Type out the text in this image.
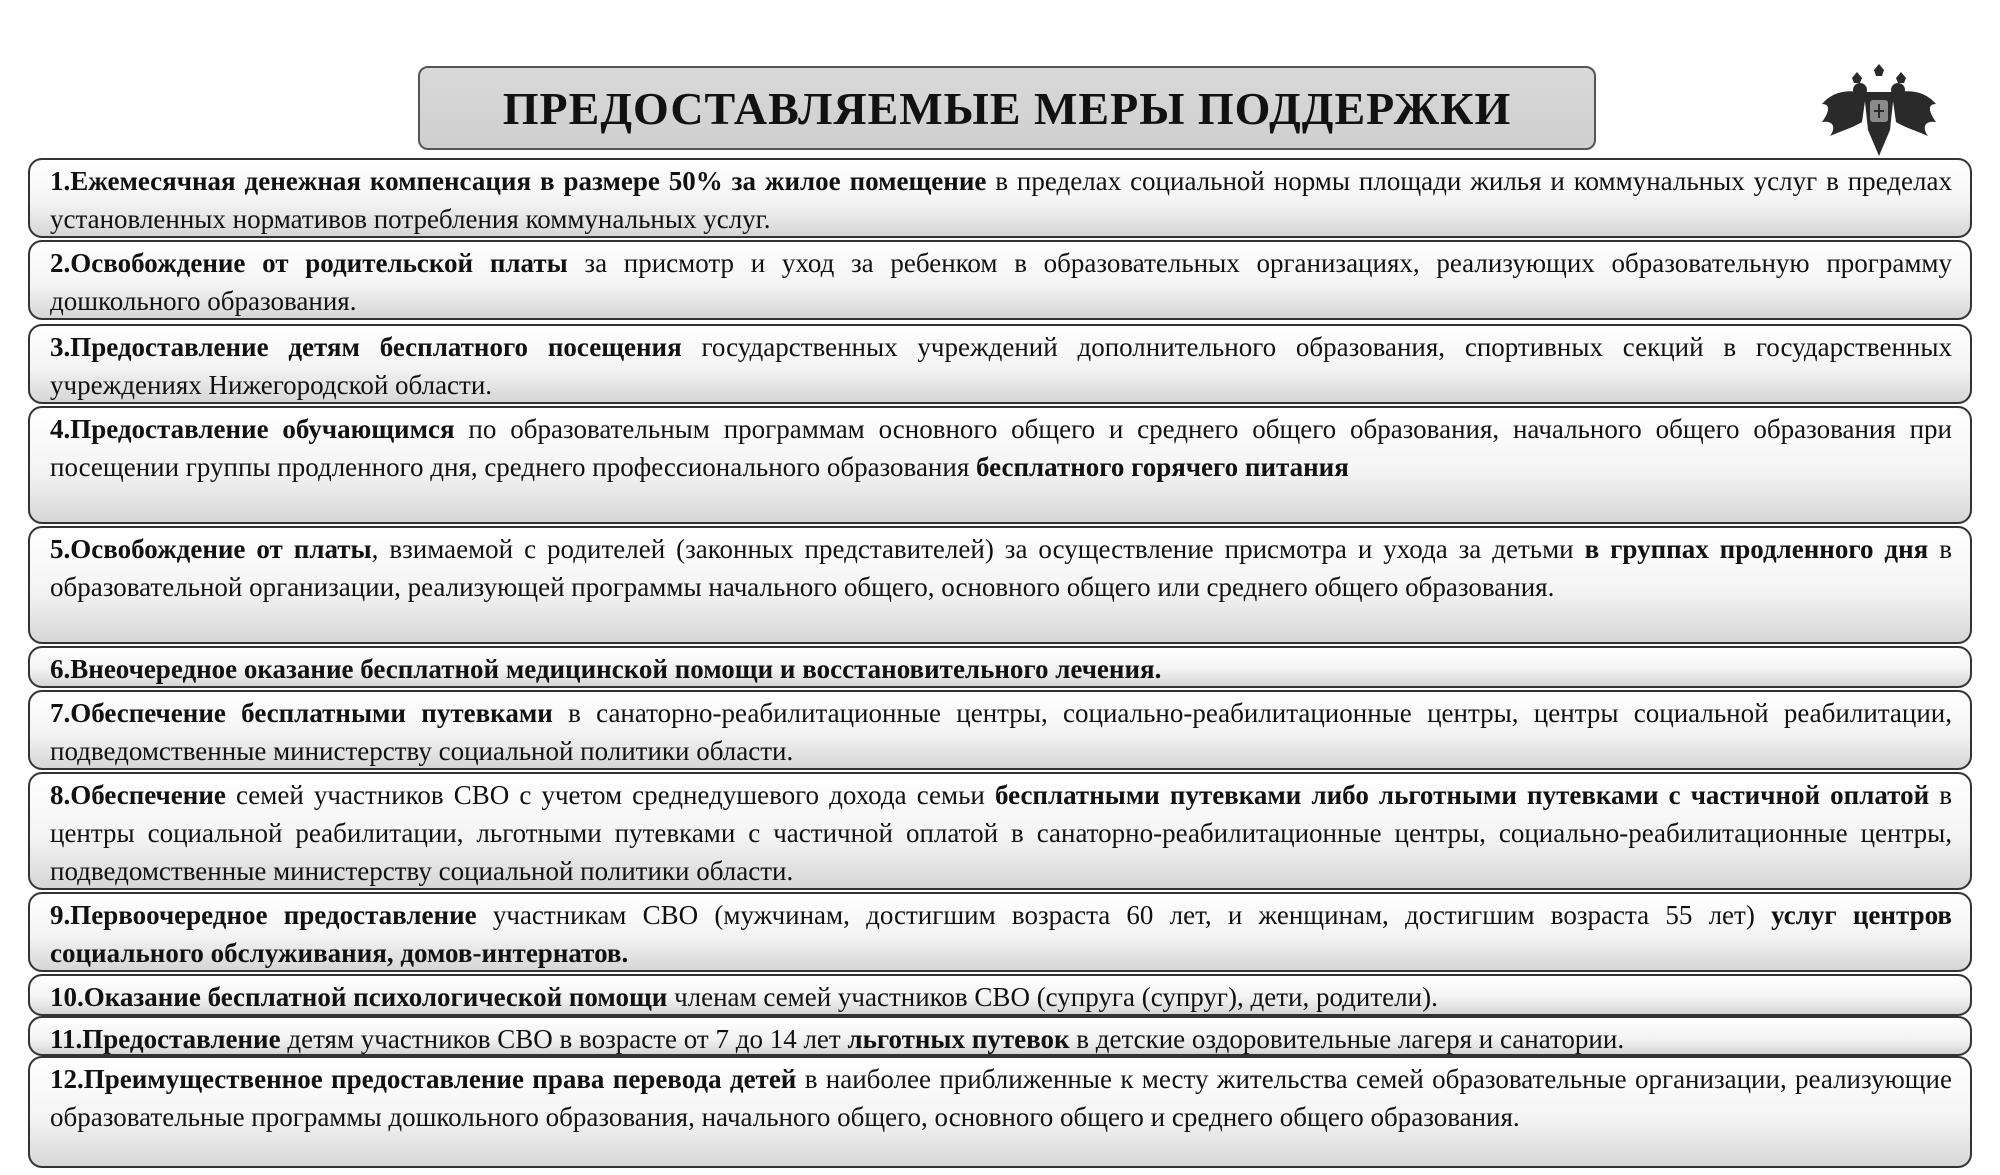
ПРЕДОСТАВЛЯЕМЫЕ МЕРЫ ПОДДЕРЖКИ
1.Ежемесячная денежная компенсация в размере 50% за жилое помещение в пределах социальной нормы площади жилья и коммунальных услуг в пределах установленных нормативов потребления коммунальных услуг.
2.Освобождение от родительской платы за присмотр и уход за ребенком в образовательных организациях, реализующих образовательную программу дошкольного образования.
3.Предоставление детям бесплатного посещения государственных учреждений дополнительного образования, спортивных секций в государственных учреждениях Нижегородской области.
4.Предоставление обучающимся по образовательным программам основного общего и среднего общего образования, начального общего образования при посещении группы продленного дня, среднего профессионального образования бесплатного горячего питания
5.Освобождение от платы, взимаемой с родителей (законных представителей) за осуществление присмотра и ухода за детьми в группах продленного дня в образовательной организации, реализующей программы начального общего, основного общего или среднего общего образования.
6.Внеочередное оказание бесплатной медицинской помощи и восстановительного лечения.
7.Обеспечение бесплатными путевками в санаторно-реабилитационные центры, социально-реабилитационные центры, центры социальной реабилитации, подведомственные министерству социальной политики области.
8.Обеспечение семей участников СВО с учетом среднедушевого дохода семьи бесплатными путевками либо льготными путевками с частичной оплатой в центры социальной реабилитации, льготными путевками с частичной оплатой в санаторно-реабилитационные центры, социально-реабилитационные центры, подведомственные министерству социальной политики области.
9.Первоочередное предоставление участникам СВО (мужчинам, достигшим возраста 60 лет, и женщинам, достигшим возраста 55 лет) услуг центров социального обслуживания, домов-интернатов.
10.Оказание бесплатной психологической помощи членам семей участников СВО (супруга (супруг), дети, родители).
11.Предоставление детям участников СВО в возрасте от 7 до 14 лет льготных путевок в детские оздоровительные лагеря и санатории.
12.Преимущественное предоставление права перевода детей в наиболее приближенные к месту жительства семей образовательные организации, реализующие образовательные программы дошкольного образования, начального общего, основного общего и среднего общего образования.
